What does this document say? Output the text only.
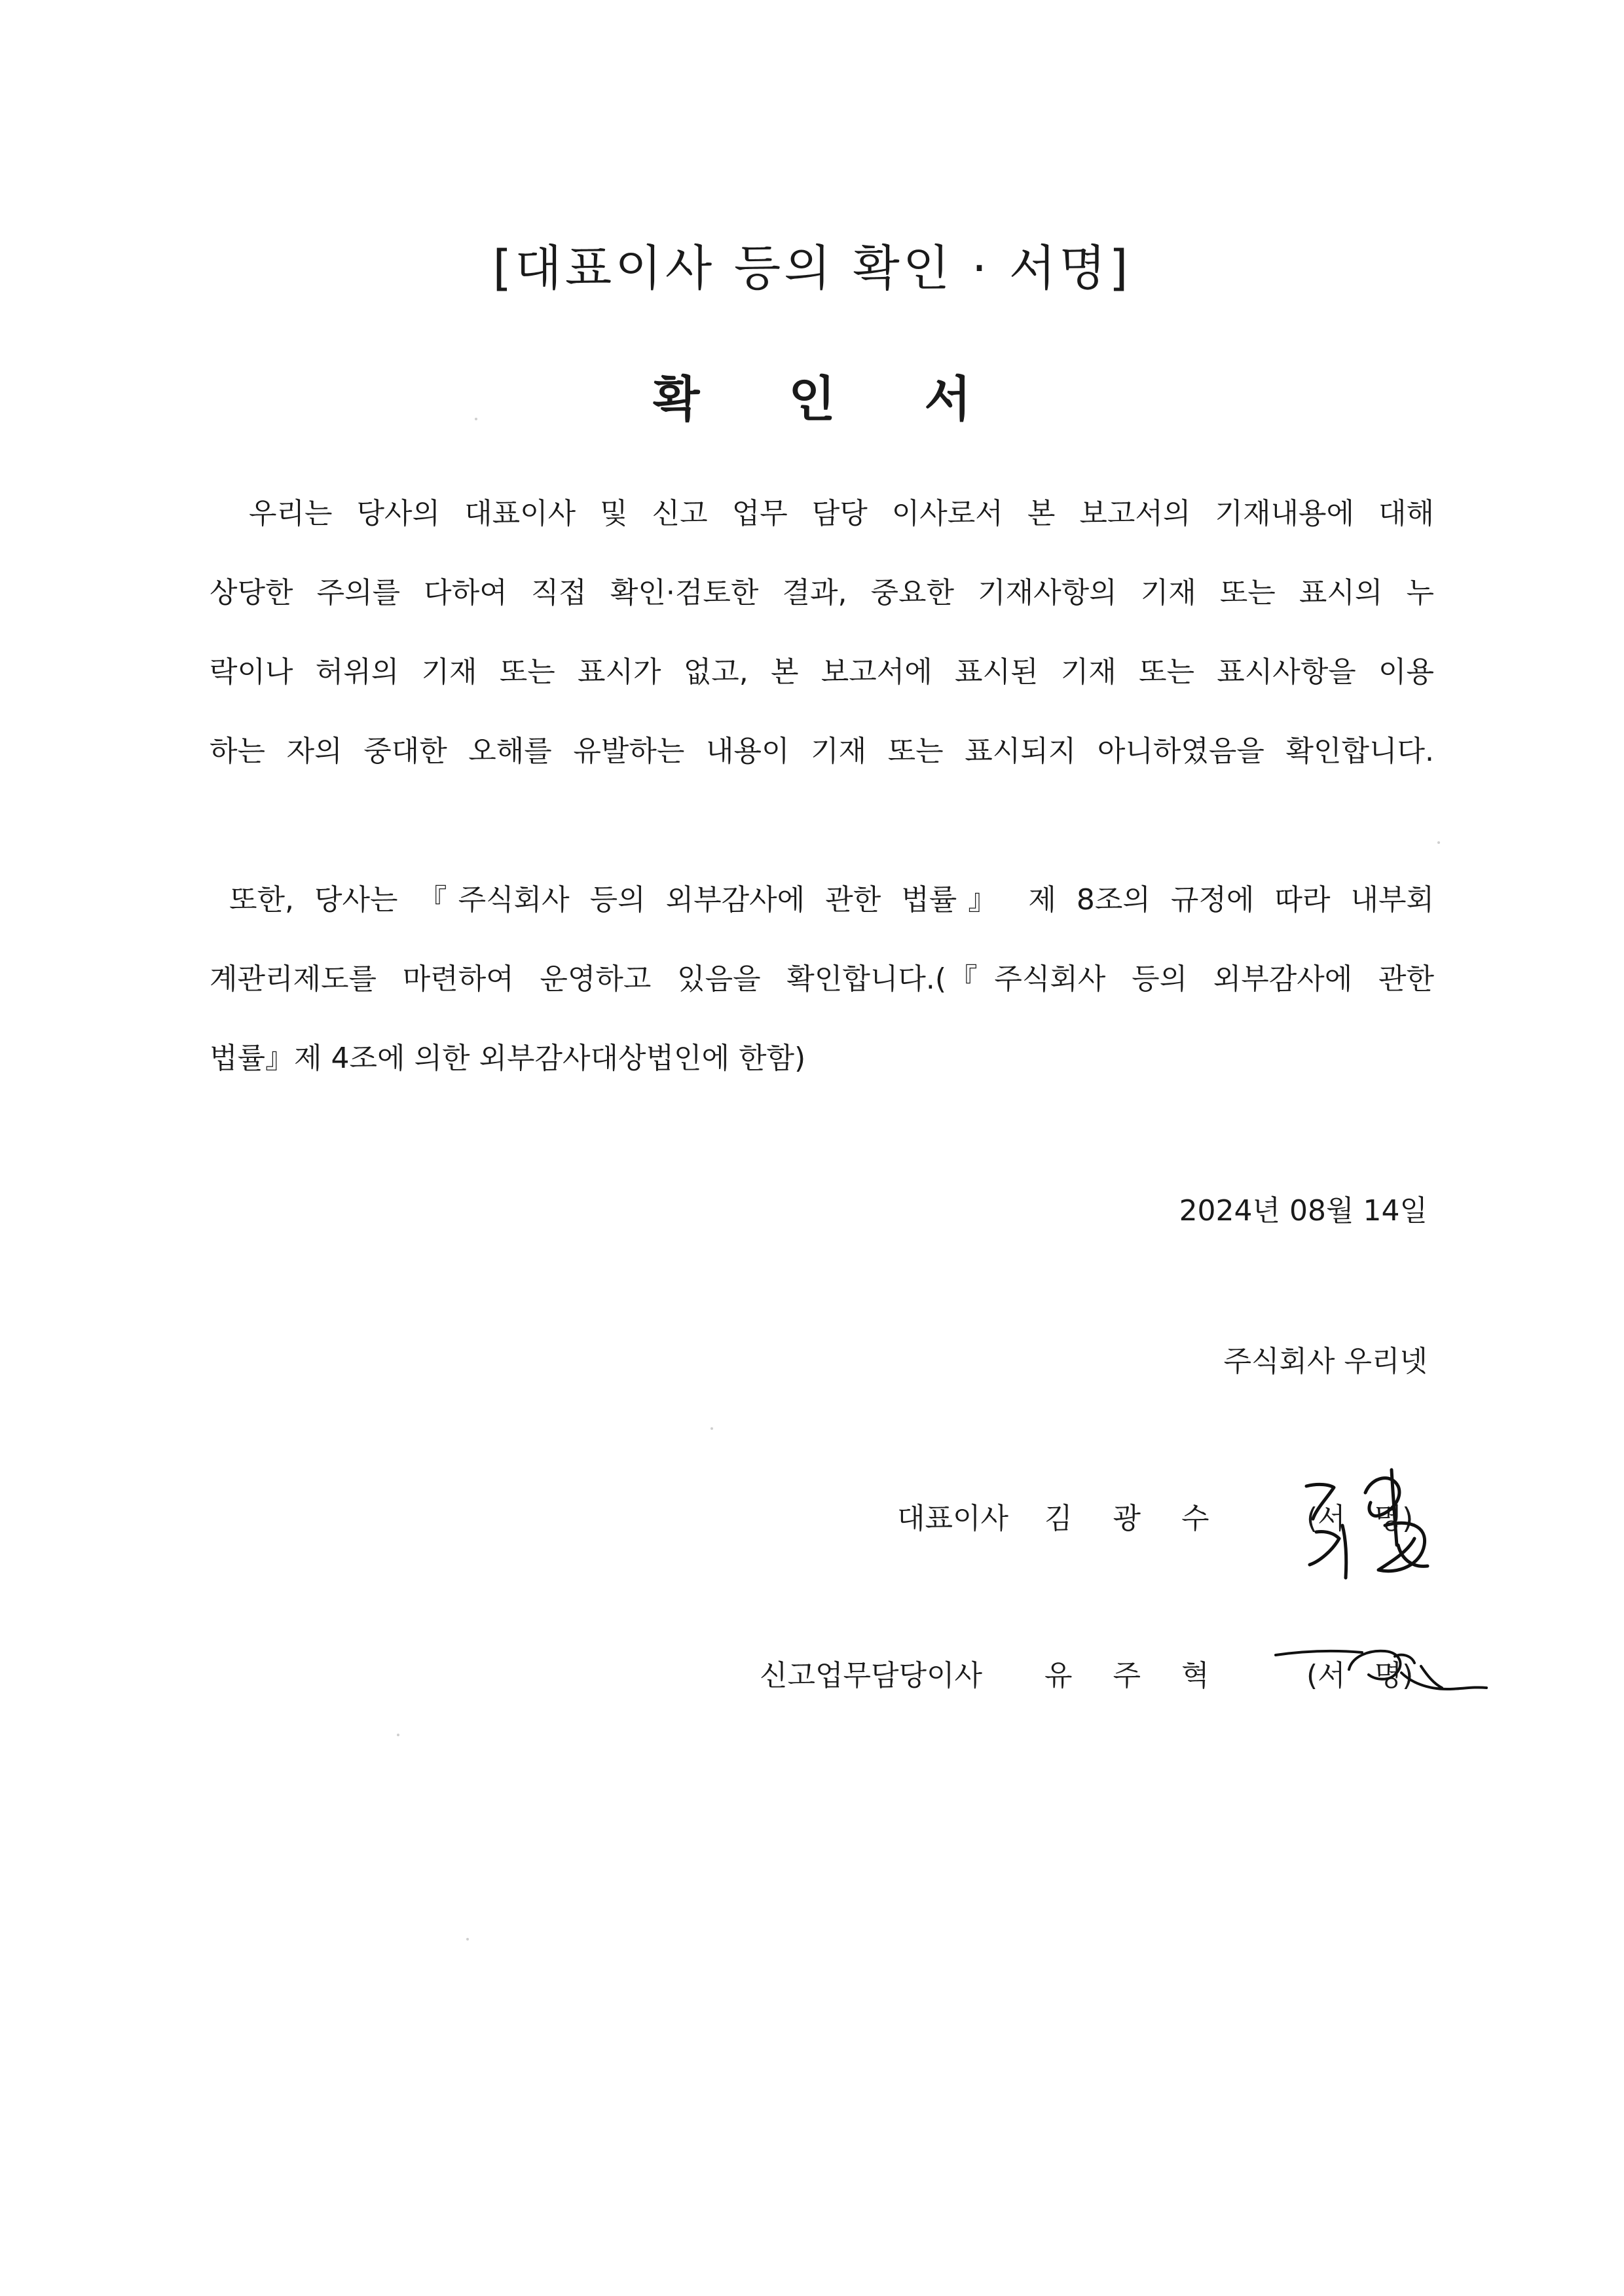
[대표이사 등의 확인 · 서명]
확 인 서
우리는 당사의 대표이사 및 신고 업무 담당 이사로서 본 보고서의 기재내용에 대해
상당한 주의를 다하여 직접 확인·검토한 결과, 중요한 기재사항의 기재 또는 표시의 누
락이나 허위의 기재 또는 표시가 없고, 본 보고서에 표시된 기재 또는 표시사항을 이용
하는 자의 중대한 오해를 유발하는 내용이 기재 또는 표시되지 아니하였음을 확인합니다.
또한, 당사는 『주식회사 등의 외부감사에 관한 법률』 제 8조의 규정에 따라 내부회
계관리제도를 마련하여 운영하고 있음을 확인합니다.(『주식회사 등의 외부감사에 관한
법률』제 4조에 의한 외부감사대상법인에 한함)
2024년 08월 14일
주식회사 우리넷
대표이사 김 광 수	(서 명)
신고업무담당이사 유 주 혁	(서 명)
